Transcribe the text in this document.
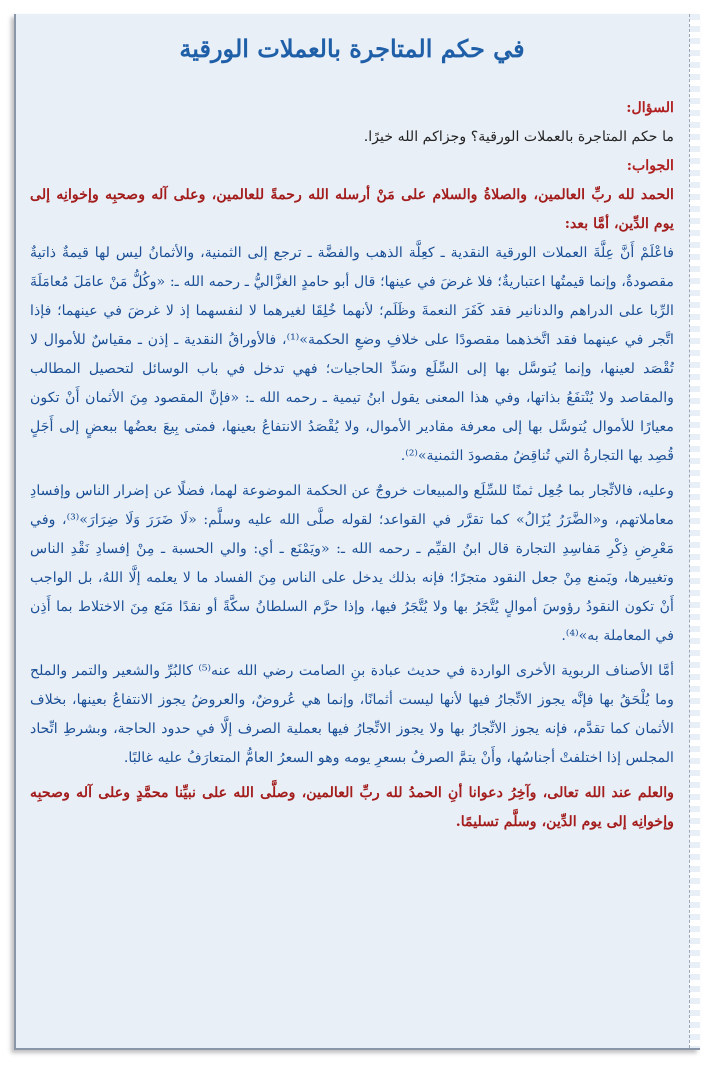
في حكم المتاجرة بالعملات الورقية

السؤال:

ما حكم المتاجرة بالعملات الورقية؟ وجزاكم الله خيرًا.

الجواب:

الحمد لله ربِّ العالمين، والصلاةُ والسلام على مَنْ أرسله الله رحمةً للعالمين، وعلى آله وصحبِه وإخوانِه إلى يوم الدِّين، أمَّا بعد:

فاعْلَمْ أَنَّ عِلَّةَ العملات الورقية النقدية ـ كعِلَّة الذهب والفضَّة ـ ترجع إلى الثمنية، والأثمانُ ليس لها قيمةٌ ذاتيةٌ مقصودةٌ، وإنما قيمتُها اعتباريةٌ؛ فلا غرضَ في عينها؛ قال أبو حامدٍ الغزَّاليُّ ـ رحمه الله ـ: «وكُلُّ مَنْ عامَلَ مُعامَلَةَ الرِّبا على الدراهم والدنانير فقد كَفَرَ النعمةَ وظَلَم؛ لأنهما خُلِقَا لغيرهما لا لنفسهما إذ لا غرضَ في عينهما؛ فإذا اتَّجر في عينهما فقد اتَّخذهما مقصودًا على خلافِ وضعِ الحكمة»⁽¹⁾، فالأوراقُ النقدية ـ إذن ـ مقياسٌ للأموال لا تُقْصَد لعينها، وإنما يُتوسَّل بها إلى السِّلَع وسَدِّ الحاجيات؛ فهي تدخل في باب الوسائل لتحصيل المطالب والمقاصد ولا يُنْتفَعُ بذاتها، وفي هذا المعنى يقول ابنُ تيمية ـ رحمه الله ـ: «فإنَّ المقصود مِنَ الأثمان أَنْ تكون معيارًا للأموال يُتوسَّل بها إلى معرفة مقادير الأموال، ولا يُقْصَدُ الانتفاعُ بعينها، فمتى بِيعَ بعضُها ببعضٍ إلى أَجَلٍ قُصِد بها التجارةُ التي تُناقِضُ مقصودَ الثمنية»⁽²⁾.

وعليه، فالاتِّجار بما جُعِل ثمنًا للسِّلَع والمبيعات خروجٌ عن الحكمة الموضوعة لهما، فضلًا عن إضرار الناس وإفسادِ معاملاتهم، و«الضَّرَرُ يُزَالُ» كما تقرَّر في القواعد؛ لقوله صلَّى الله عليه وسلَّم: «لَا ضَرَرَ وَلَا ضِرَارَ»⁽³⁾، وفي مَعْرِضِ ذِكْرِ مَفاسِدِ التجارة قال ابنُ القيِّم ـ رحمه الله ـ: «ويَمْنَع ـ أي: والي الحسبة ـ مِنْ إفسادِ نَقْدِ الناس وتغييرها، ويَمنع مِنْ جعل النقود متجرًا؛ فإنه بذلك يدخل على الناس مِنَ الفساد ما لا يعلمه إلَّا اللهُ، بل الواجب أَنْ تكون النقودُ رؤوسَ أموالٍ يُتَّجَرُ بها ولا يُتَّجَرُ فيها، وإذا حرَّم السلطانُ سكَّةً أو نقدًا مَنَع مِنَ الاختلاط بما أَذِن في المعاملة به»⁽⁴⁾.

أمَّا الأصناف الربوية الأخرى الواردة في حديث عبادة بنِ الصامت رضي الله عنه⁽⁵⁾ كالبُرِّ والشعير والتمر والملح وما يُلْحَقُ بها فإنَّه يجوز الاتِّجارُ فيها لأنها ليست أثمانًا، وإنما هي عُروضٌ، والعروضُ يجوز الانتفاعُ بعينها، بخلاف الأثمان كما تقدَّم، فإنه يجوز الاتِّجارُ بها ولا يجوز الاتِّجارُ فيها بعملية الصرف إلَّا في حدود الحاجة، وبشرطِ اتِّحاد المجلس إذا اختلفتْ أجناسُها، وأَنْ يتمَّ الصرفُ بسعرِ يومه وهو السعرُ العامُّ المتعارَفُ عليه غالبًا.

والعلم عند الله تعالى، وآخِرُ دعوانا أنِ الحمدُ لله ربِّ العالمين، وصلَّى الله على نبيِّنا محمَّدٍ وعلى آله وصحبِه وإخوانِه إلى يوم الدِّين، وسلَّم تسليمًا.
